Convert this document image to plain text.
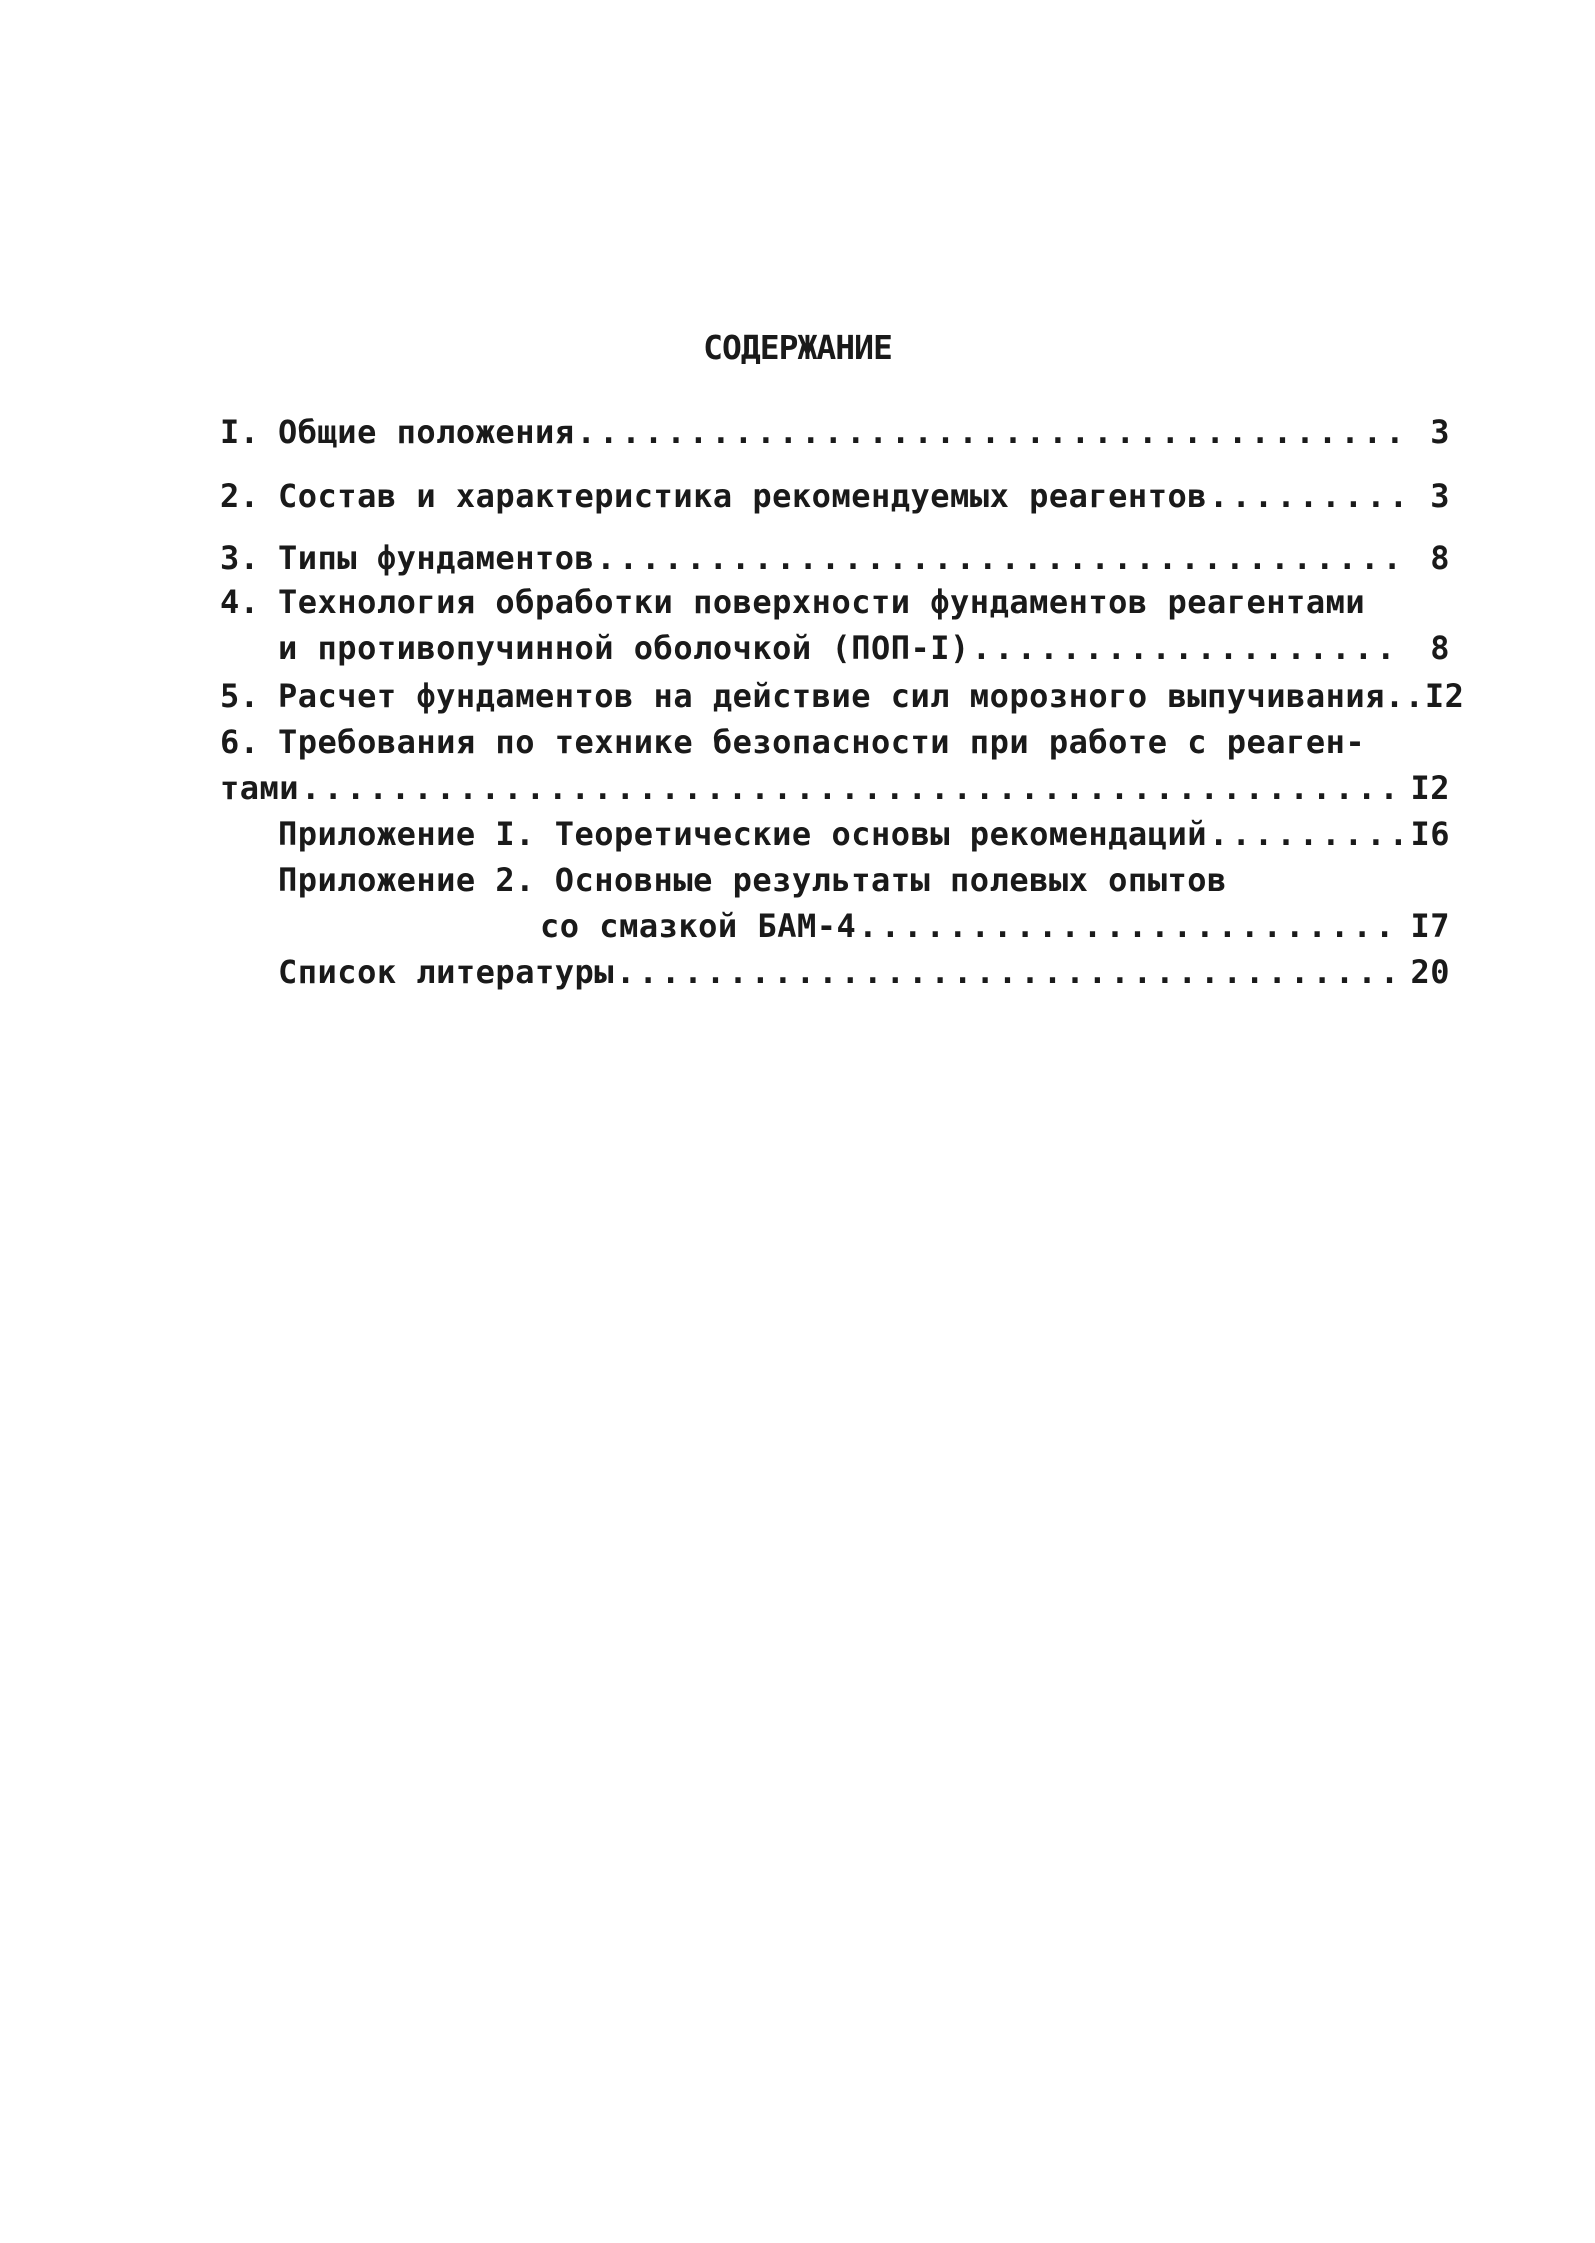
СОДЕРЖАНИЕ
I. Общие положения .....	3
2. Состав и характеристика рекомендуемых реагентов .....	3
3. Типы фундаментов .....	8
4. Технология обработки поверхности фундаментов реагентами
и противопучинной оболочкой (ПОП-I) .....	8
5. Расчет фундаментов на действие сил морозного выпучивания.. I2
6. Требования по технике безопасности при работе с реаген-
тами .....	I2
Приложение I. Теоретические основы рекомендаций .....	I6
Приложение 2. Основные результаты полевых опытов
со смазкой БАМ-4 .....	I7
Список литературы .....	20
